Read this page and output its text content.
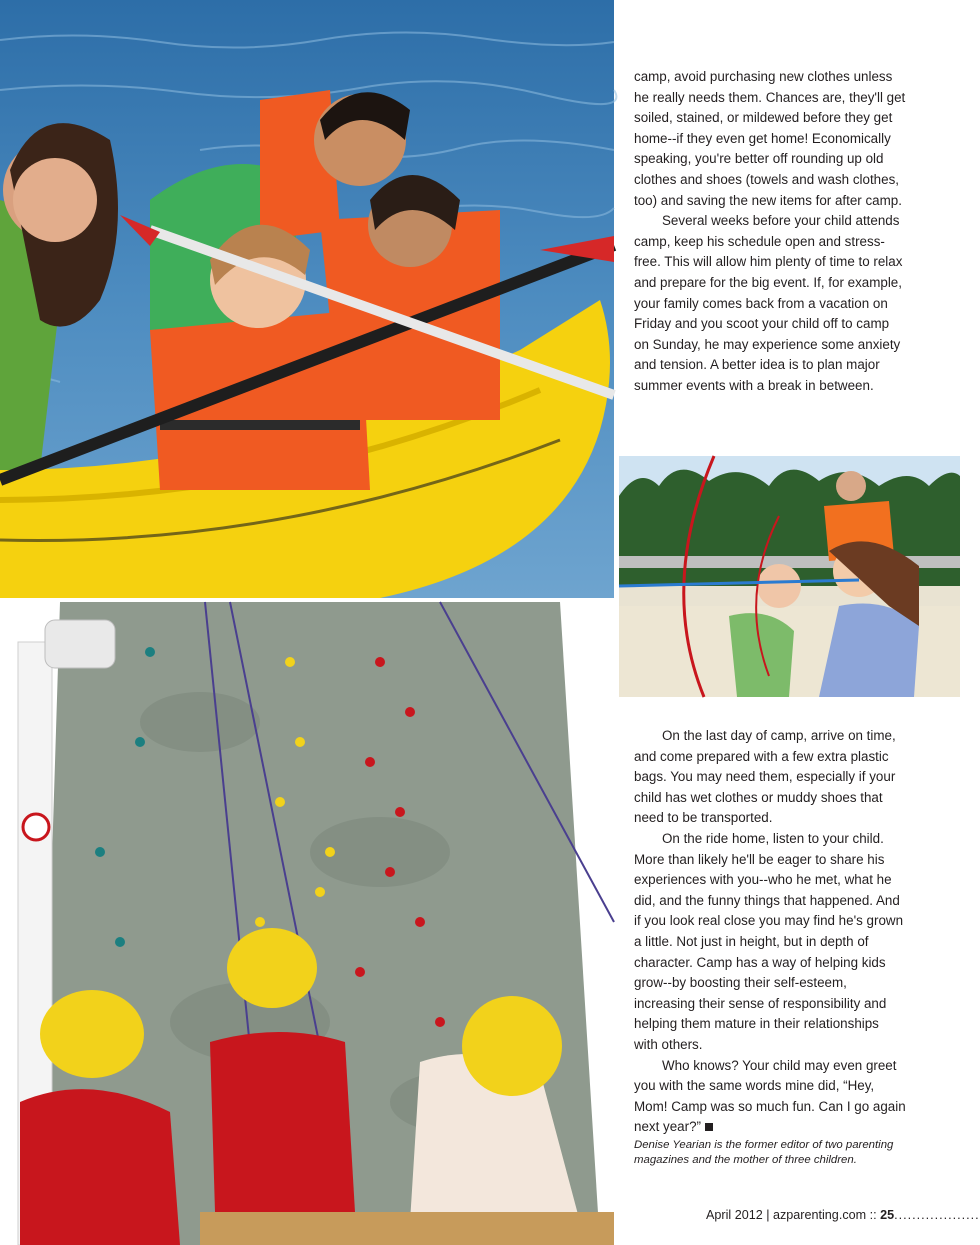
camp, avoid purchasing new clothes unless he really needs them. Chances are, they'll get soiled, stained, or mildewed before they get home--if they even get home! Economically speaking, you're better off rounding up old clothes and shoes (towels and wash clothes, too) and saving the new items for after camp.

Several weeks before your child attends camp, keep his schedule open and stress-free. This will allow him plenty of time to relax and prepare for the big event. If, for example, your family comes back from a vacation on Friday and you scoot your child off to camp on Sunday, he may experience some anxiety and tension. A better idea is to plan major summer events with a break in between.

On the last day of camp, arrive on time, and come prepared with a few extra plastic bags. You may need them, especially if your child has wet clothes or muddy shoes that need to be transported.

On the ride home, listen to your child. More than likely he'll be eager to share his experiences with you--who he met, what he did, and the funny things that happened. And if you look real close you may find he's grown a little. Not just in height, but in depth of character. Camp has a way of helping kids grow--by boosting their self-esteem, increasing their sense of responsibility and helping them mature in their relationships with others.

Who knows? Your child may even greet you with the same words mine did, “Hey, Mom! Camp was so much fun. Can I go again next year?”

Denise Yearian is the former editor of two parenting magazines and the mother of three children.

April 2012 | azparenting.com :: 25...................
